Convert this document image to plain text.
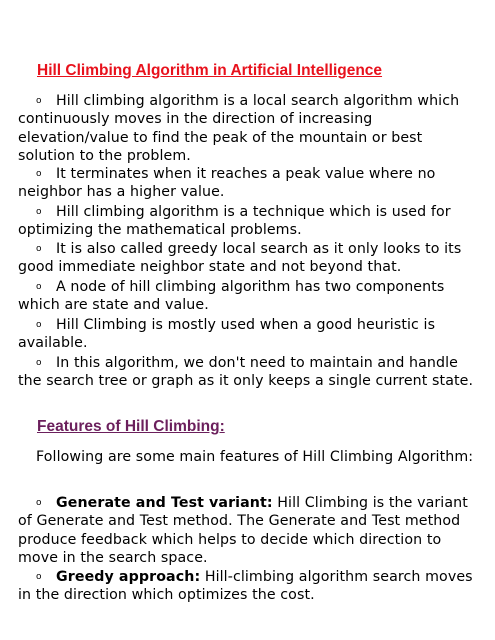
Hill Climbing Algorithm in Artificial Intelligence
o Hill climbing algorithm is a local search algorithm which continuously moves in the direction of increasing elevation/value to find the peak of the mountain or best solution to the problem.
o It terminates when it reaches a peak value where no neighbor has a higher value.
o Hill climbing algorithm is a technique which is used for optimizing the mathematical problems.
o It is also called greedy local search as it only looks to its good immediate neighbor state and not beyond that.
o A node of hill climbing algorithm has two components which are state and value.
o Hill Climbing is mostly used when a good heuristic is available.
o In this algorithm, we don't need to maintain and handle the search tree or graph as it only keeps a single current state.
Features of Hill Climbing:
Following are some main features of Hill Climbing Algorithm:
o Generate and Test variant: Hill Climbing is the variant of Generate and Test method. The Generate and Test method produce feedback which helps to decide which direction to move in the search space.
o Greedy approach: Hill-climbing algorithm search moves in the direction which optimizes the cost.
